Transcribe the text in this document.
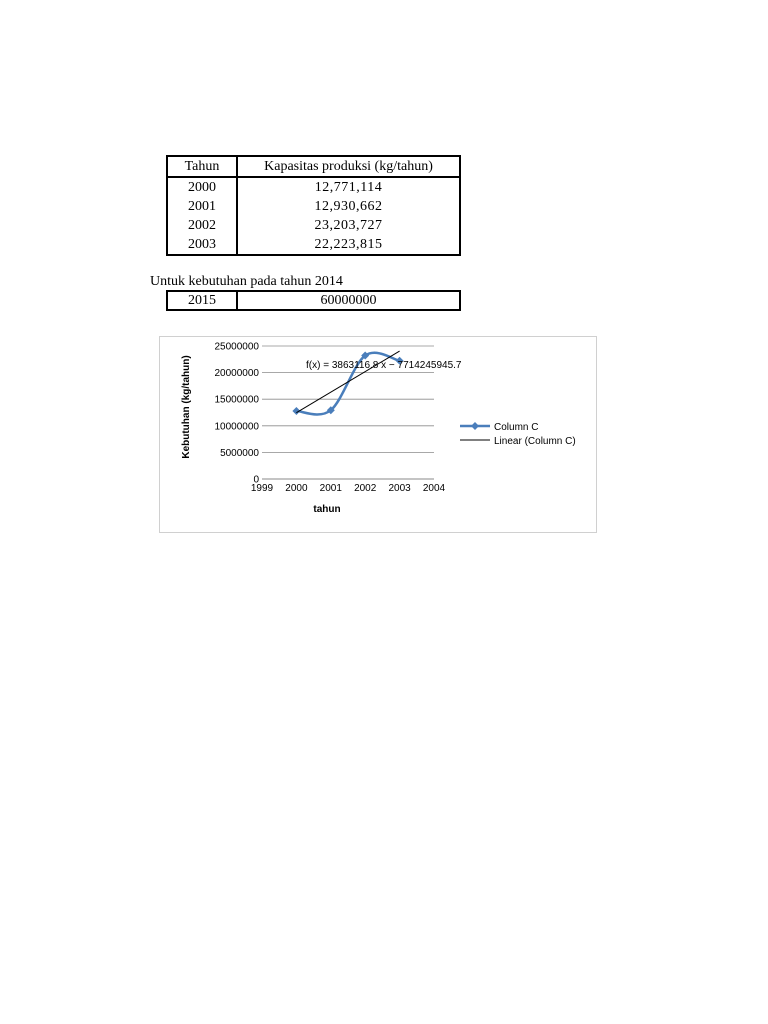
Tahun	Kapasitas produksi (kg/tahun)
2000	12,771,114
2001	12,930,662
2002	23,203,727
2003	22,223,815
Untuk kebutuhan pada tahun 2014
2015	60000000
1999 2000 2001 2002 2003 2004
0
5000000
10000000
15000000
20000000
25000000
f(x) = 3863116.8 x − 7714245945.7
tahun
Kebutuhan (kg/tahun)	Column C
Linear (Column C)
